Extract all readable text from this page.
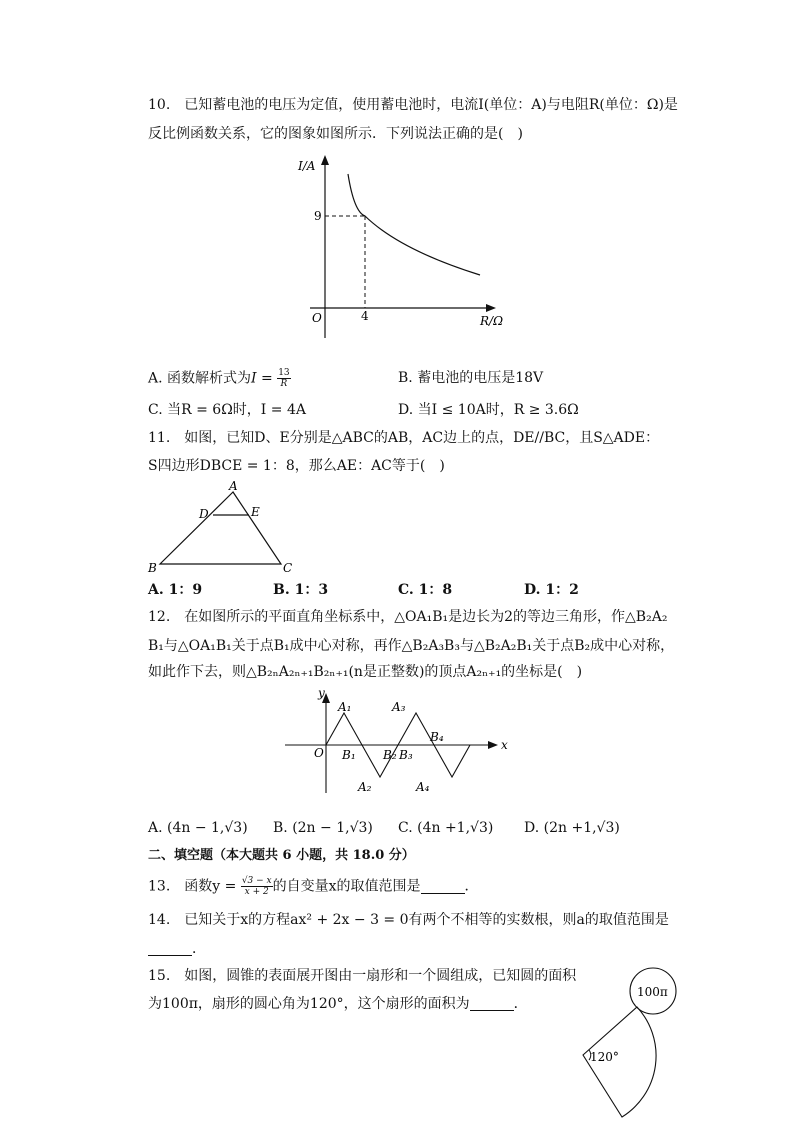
10.　已知蓄电池的电压为定值，使用蓄电池时，电流I(单位：A)与电阻R(单位：Ω)是
反比例函数关系，它的图象如图所示．下列说法正确的是(　)
I/A
R/Ω
O
9
4
A. 函数解析式为$I = \frac{13}{R}$	B. 蓄电池的电压是18V
C. 当R = 6Ω时，I = 4A	D. 当I ≤ 10A时，R ≥ 3.6Ω
11.　如图，已知D、E分别是△ABC的AB，AC边上的点，DE//BC，且S△ADE：
S四边形DBCE = 1：8，那么AE：AC等于(　)
A
D	E
B	C
A. 1：9	B. 1：3	C. 1：8	D. 1：2
12.　在如图所示的平面直角坐标系中，△OA₁B₁是边长为2的等边三角形，作△B₂A₂
B₁与△OA₁B₁关于点B₁成中心对称，再作△B₂A₃B₃与△B₂A₂B₁关于点B₂成中心对称，
如此作下去，则△B₂ₙA₂ₙ₊₁B₂ₙ₊₁(n是正整数)的顶点A₂ₙ₊₁的坐标是(　)
y
x
O
A₁	A₃
B₁ B₂ B₃
B₄
A₂	A₄
A. (4n − 1,√3) B. (2n − 1,√3) C. (4n +1,√3) D. (2n +1,√3)
二、填空题（本大题共 6 小题，共 18.0 分）
13.　函数$y = \frac{√3 - x}{x + 2}$ 的自变量x的取值范围是	．
14.　已知关于x的方程ax² + 2x − 3 = 0有两个不相等的实数根，则a的取值范围是
．
15.　如图，圆锥的表面展开图由一扇形和一个圆组成，已知圆的面积
为100π，扇形的圆心角为120°，这个扇形的面积为	．
100π
120°
